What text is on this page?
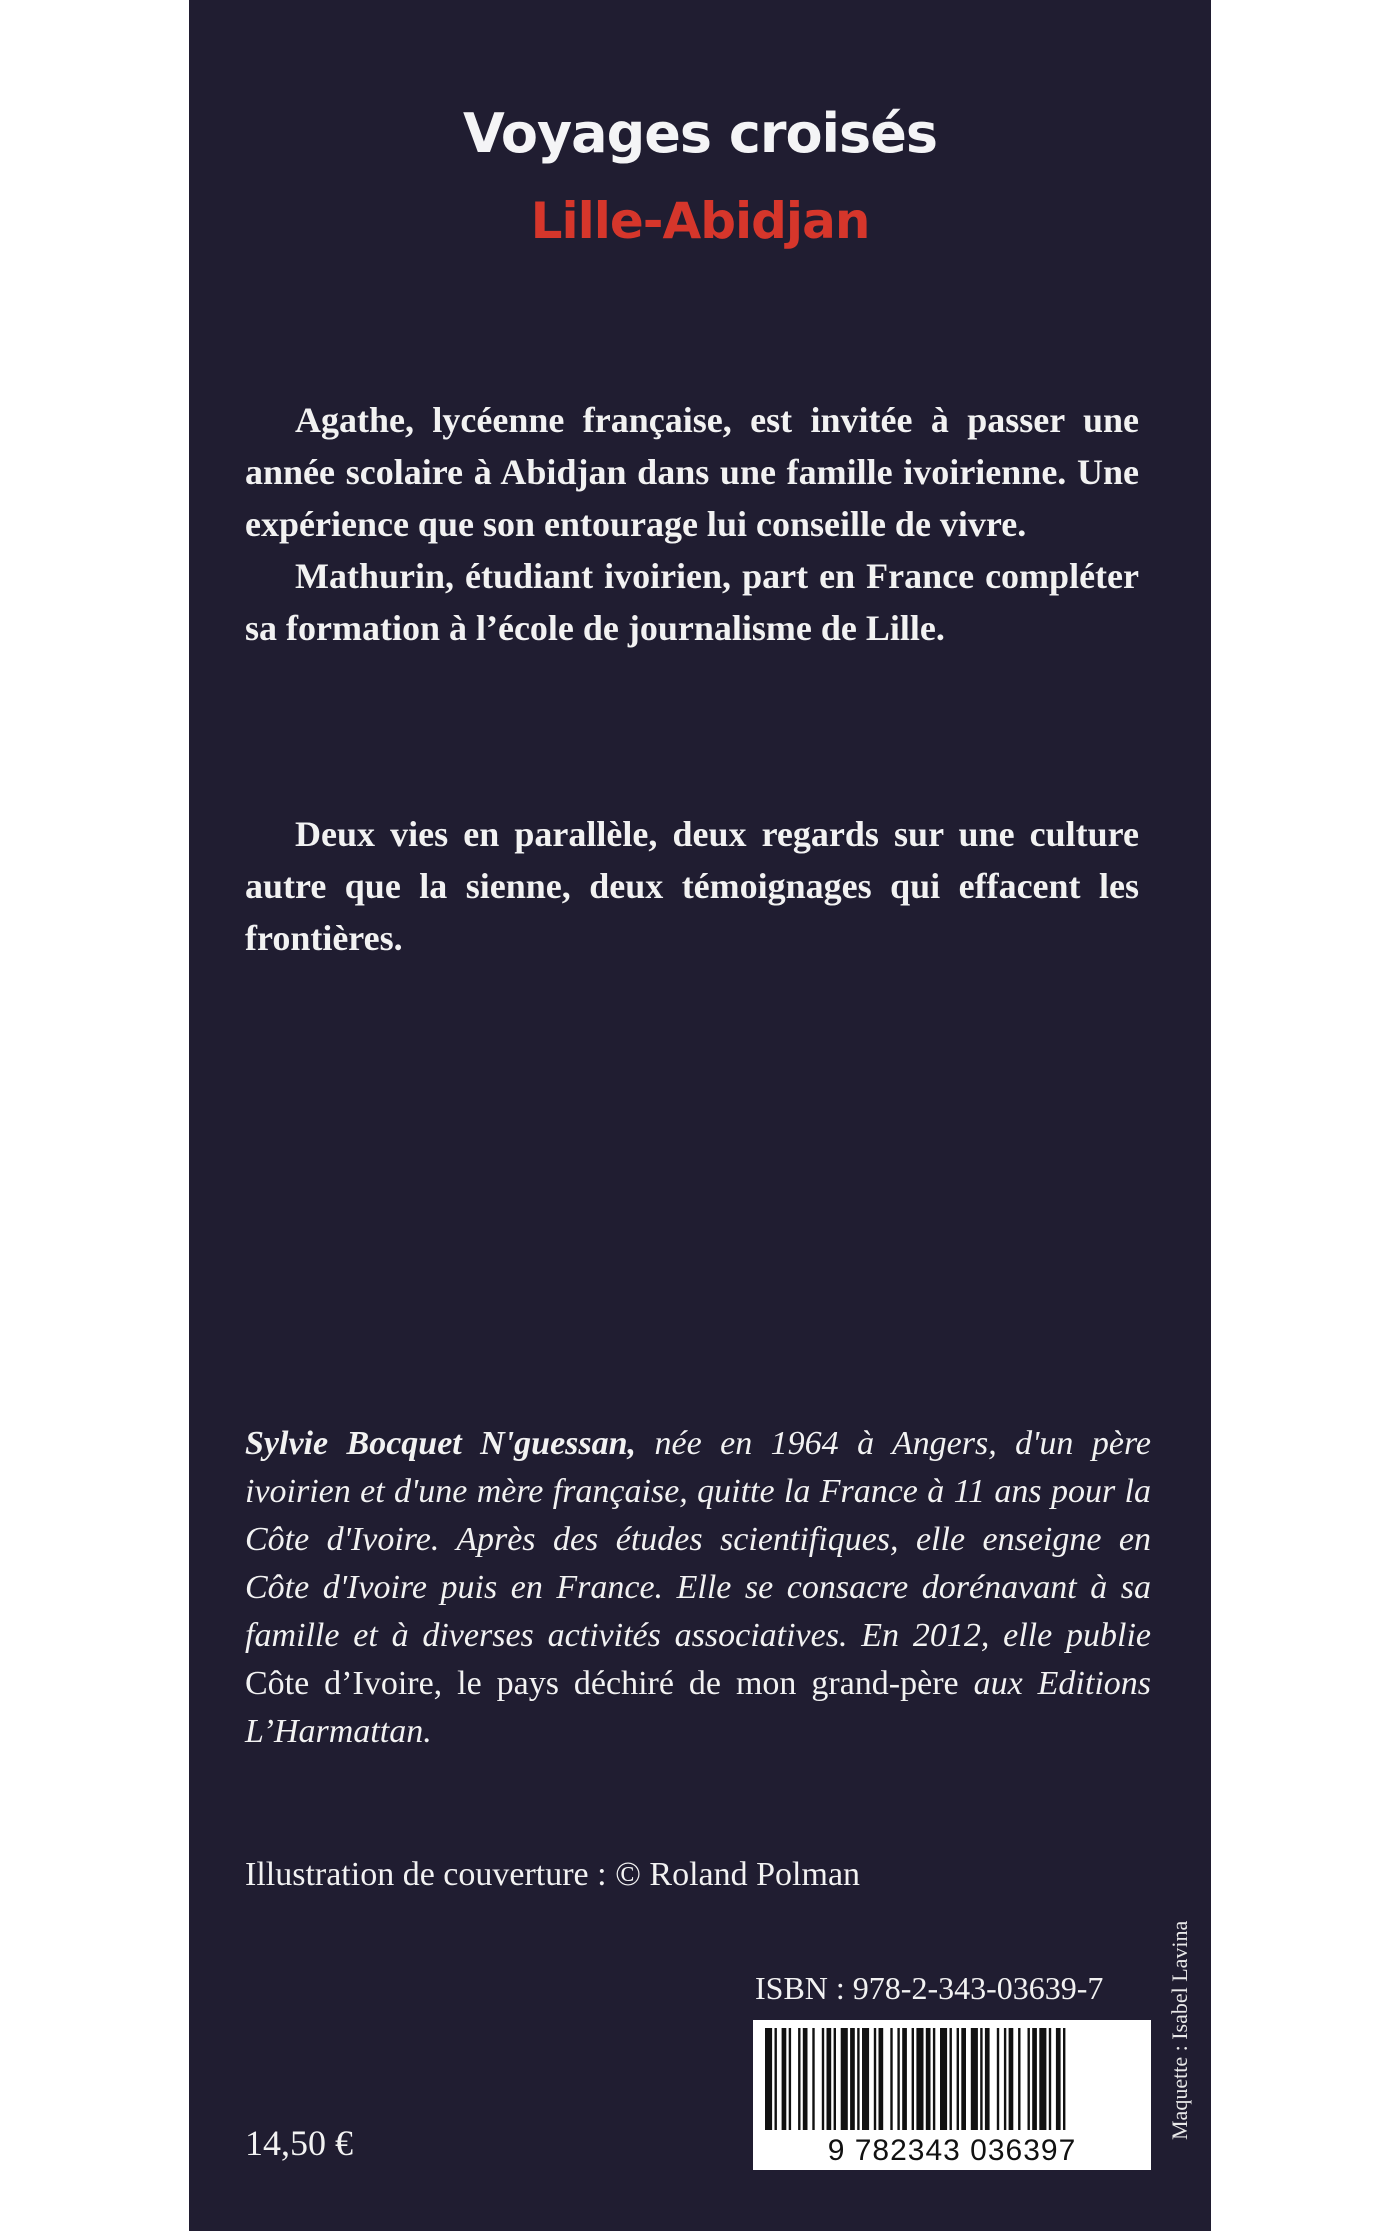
Voyages croisés
Lille-Abidjan

Agathe, lycéenne française, est invitée à passer une année scolaire à Abidjan dans une famille ivoirienne. Une expérience que son entourage lui conseille de vivre.

Mathurin, étudiant ivoirien, part en France compléter sa formation à l’école de journalisme de Lille.

Deux vies en parallèle, deux regards sur une culture autre que la sienne, deux témoignages qui effacent les frontières.

Sylvie Bocquet N'guessan, née en 1964 à Angers, d'un père ivoirien et d'une mère française, quitte la France à 11 ans pour la Côte d'Ivoire. Après des études scientifiques, elle enseigne en Côte d'Ivoire puis en France. Elle se consacre dorénavant à sa famille et à diverses activités associatives. En 2012, elle publie Côte d’Ivoire, le pays déchiré de mon grand-père aux Editions L’Harmattan.

Illustration de couverture : © Roland Polman
ISBN : 978-2-343-03639-7
9 782343 036397
14,50 €
Maquette : Isabel Lavina
